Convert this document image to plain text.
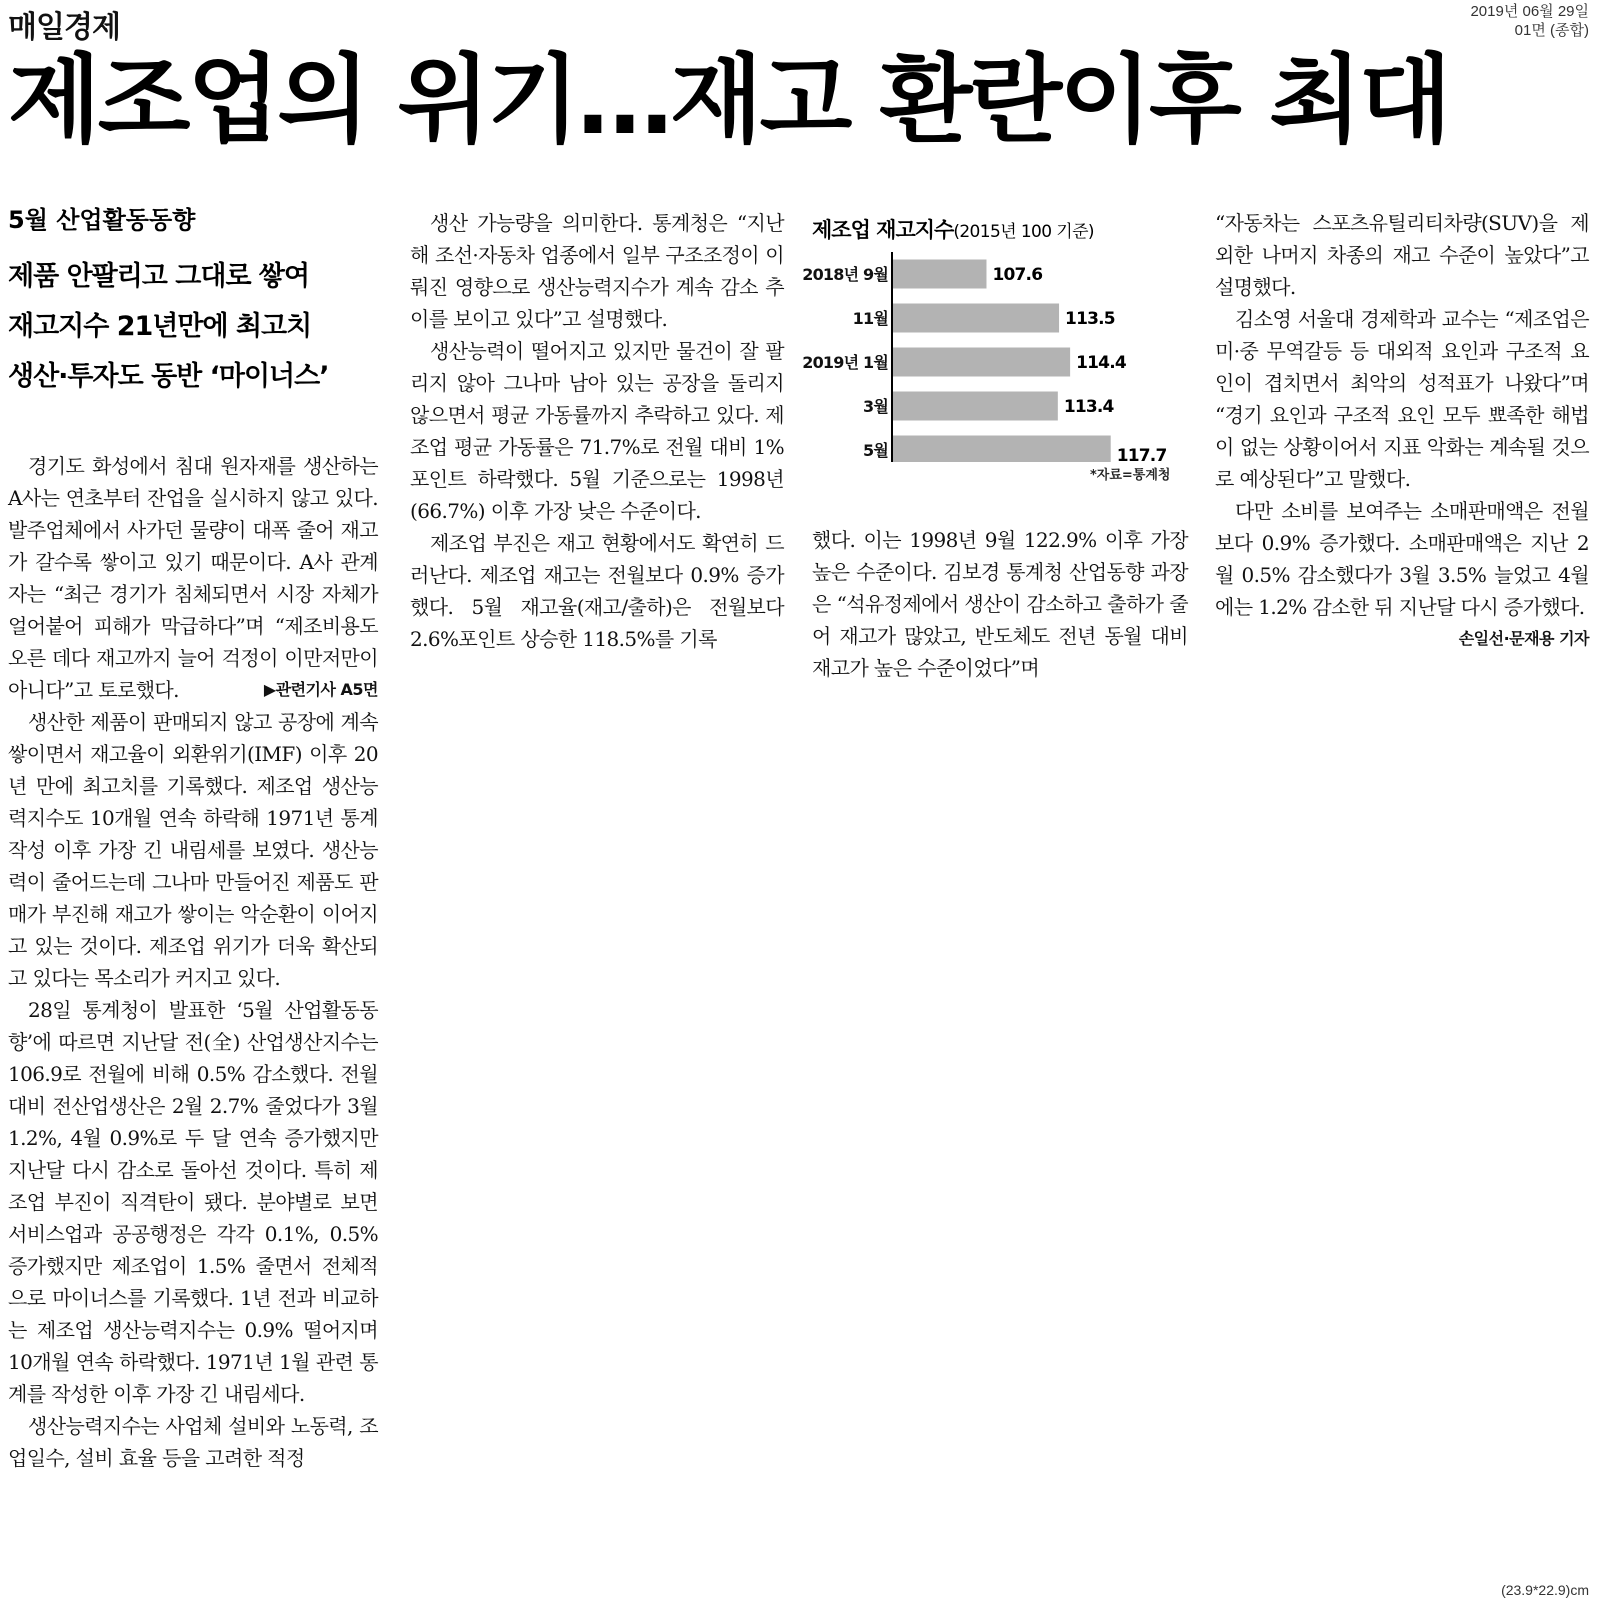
매일경제	2019년 06월 29일
01면 (종합)
제조업의 위기…재고 환란이후 최대
5월 산업활동동향
제품 안팔리고 그대로 쌓여
재고지수 21년만에 최고치
생산·투자도 동반 ‘마이너스’

경기도 화성에서 침대 원자재를 생산하는 A사는 연초부터 잔업을 실시하지 않고 있다. 발주업체에서 사가던 물량이 대폭 줄어 재고가 갈수록 쌓이고 있기 때문이다. A사 관계자는 “최근 경기가 침체되면서 시장 자체가 얼어붙어 피해가 막급하다”며 “제조비용도 오른 데다 재고까지 늘어 걱정이 이만저만이 아니다”고 토로했다.	▶관련기사 A5면

생산한 제품이 판매되지 않고 공장에 계속 쌓이면서 재고율이 외환위기(IMF) 이후 20년 만에 최고치를 기록했다. 제조업 생산능력지수도 10개월 연속 하락해 1971년 통계 작성 이후 가장 긴 내림세를 보였다. 생산능력이 줄어드는데 그나마 만들어진 제품도 판매가 부진해 재고가 쌓이는 악순환이 이어지고 있는 것이다. 제조업 위기가 더욱 확산되고 있다는 목소리가 커지고 있다.

28일 통계청이 발표한 ‘5월 산업활동동향’에 따르면 지난달 전(全) 산업생산지수는 106.9로 전월에 비해 0.5% 감소했다. 전월 대비 전산업생산은 2월 2.7% 줄었다가 3월 1.2%, 4월 0.9%로 두 달 연속 증가했지만 지난달 다시 감소로 돌아선 것이다. 특히 제조업 부진이 직격탄이 됐다. 분야별로 보면 서비스업과 공공행정은 각각 0.1%, 0.5% 증가했지만 제조업이 1.5% 줄면서 전체적으로 마이너스를 기록했다. 1년 전과 비교하는 제조업 생산능력지수는 0.9% 떨어지며 10개월 연속 하락했다. 1971년 1월 관련 통계를 작성한 이후 가장 긴 내림세다.

생산능력지수는 사업체 설비와 노동력, 조업일수, 설비 효율 등을 고려한 적정

생산 가능량을 의미한다. 통계청은 “지난해 조선·자동차 업종에서 일부 구조조정이 이뤄진 영향으로 생산능력지수가 계속 감소 추이를 보이고 있다”고 설명했다.

생산능력이 떨어지고 있지만 물건이 잘 팔리지 않아 그나마 남아 있는 공장을 돌리지 않으면서 평균 가동률까지 추락하고 있다. 제조업 평균 가동률은 71.7%로 전월 대비 1%포인트 하락했다. 5월 기준으로는 1998년(66.7%) 이후 가장 낮은 수준이다.

제조업 부진은 재고 현황에서도 확연히 드러난다. 제조업 재고는 전월보다 0.9% 증가했다. 5월 재고율(재고/출하)은 전월보다 2.6%포인트 상승한 118.5%를 기록

제조업 재고지수(2015년 100 기준)
2018년 9월	107.6
11월	113.5
2019년 1월	114.4
3월	113.4
5월	117.7
*자료=통계청

했다. 이는 1998년 9월 122.9% 이후 가장 높은 수준이다. 김보경 통계청 산업동향 과장은 “석유정제에서 생산이 감소하고 출하가 줄어 재고가 많았고, 반도체도 전년 동월 대비 재고가 높은 수준이었다”며

“자동차는 스포츠유틸리티차량(SUV)을 제외한 나머지 차종의 재고 수준이 높았다”고 설명했다.

김소영 서울대 경제학과 교수는 “제조업은 미·중 무역갈등 등 대외적 요인과 구조적 요인이 겹치면서 최악의 성적표가 나왔다”며 “경기 요인과 구조적 요인 모두 뾰족한 해법이 없는 상황이어서 지표 악화는 계속될 것으로 예상된다”고 말했다.

다만 소비를 보여주는 소매판매액은 전월보다 0.9% 증가했다. 소매판매액은 지난 2월 0.5% 감소했다가 3월 3.5% 늘었고 4월에는 1.2% 감소한 뒤 지난달 다시 증가했다.
손일선·문재용 기자

(23.9*22.9)cm
